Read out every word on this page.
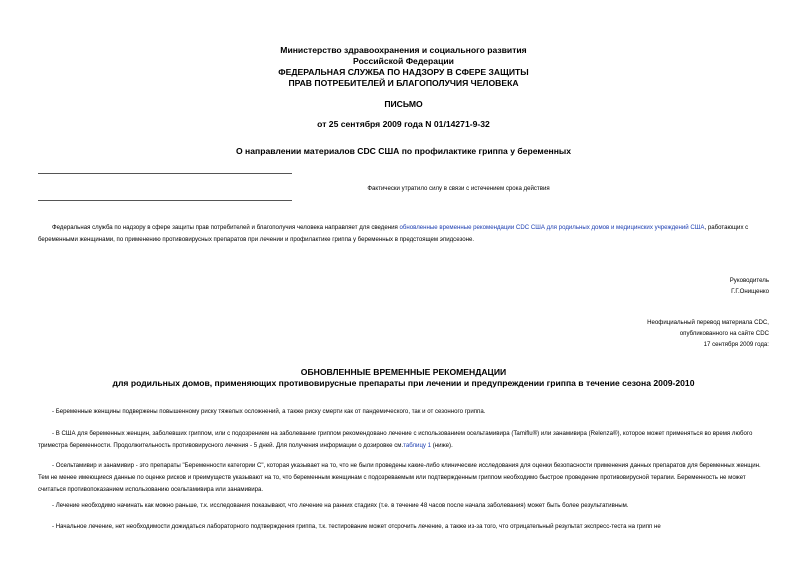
Министерство здравоохранения и социального развития
Российской Федерации
ФЕДЕРАЛЬНАЯ СЛУЖБА ПО НАДЗОРУ В СФЕРЕ ЗАЩИТЫ
ПРАВ ПОТРЕБИТЕЛЕЙ И БЛАГОПОЛУЧИЯ ЧЕЛОВЕКА
ПИСЬМО
от 25 сентября 2009 года N 01/14271-9-32
О направлении материалов CDC США по профилактике гриппа у беременных
Фактически утратило силу в связи с истечением срока действия
Федеральная служба по надзору в сфере защиты прав потребителей и благополучия человека направляет для сведения обновленные временные рекомендации CDC США для родильных домов и медицинских учреждений США, работающих с беременными женщинами, по применению противовирусных препаратов при лечении и профилактике гриппа у беременных в предстоящем эпидсезоне.
Руководитель
Г.Г.Онищенко
Неофициальный перевод материала CDC,
опубликованного на сайте CDC
17 сентября 2009 года:
ОБНОВЛЕННЫЕ ВРЕМЕННЫЕ РЕКОМЕНДАЦИИ
для родильных домов, применяющих противовирусные препараты при лечении и предупреждении гриппа в течение сезона 2009-2010
- Беременные женщины подвержены повышенному риску тяжелых осложнений, а также риску смерти как от пандемического, так и от сезонного гриппа.
- В США для беременных женщин, заболевших гриппом, или с подозрением на заболевание гриппом рекомендовано лечение с использованием осельтамивира (Tamiflu®) или занамивира (Relenza®), которое может применяться во время любого триместра беременности. Продолжительность противовирусного лечения - 5 дней. Для получения информации о дозировке см.таблицу 1 (ниже).
- Осельтамивир и занамивир - это препараты "Беременности категории C", которая указывает на то, что не были проведены какие-либо клинические исследования для оценки безопасности применения данных препаратов для беременных женщин. Тем не менее имеющиеся данные по оценке рисков и преимуществ указывают на то, что беременным женщинам с подозреваемым или подтвержденным гриппом необходимо быстрое проведение противовирусной терапии. Беременность не может считаться противопоказанием использованию осельтамивира или занамивира.
- Лечение необходимо начинать как можно раньше, т.к. исследования показывают, что лечение на ранних стадиях (т.е. в течение 48 часов после начала заболевания) может быть более результативным.
- Начальное лечение, нет необходимости дожидаться лабораторного подтверждения гриппа, т.к. тестирование может отсрочить лечение, а также из-за того, что отрицательный результат экспресс-теста на грипп не
